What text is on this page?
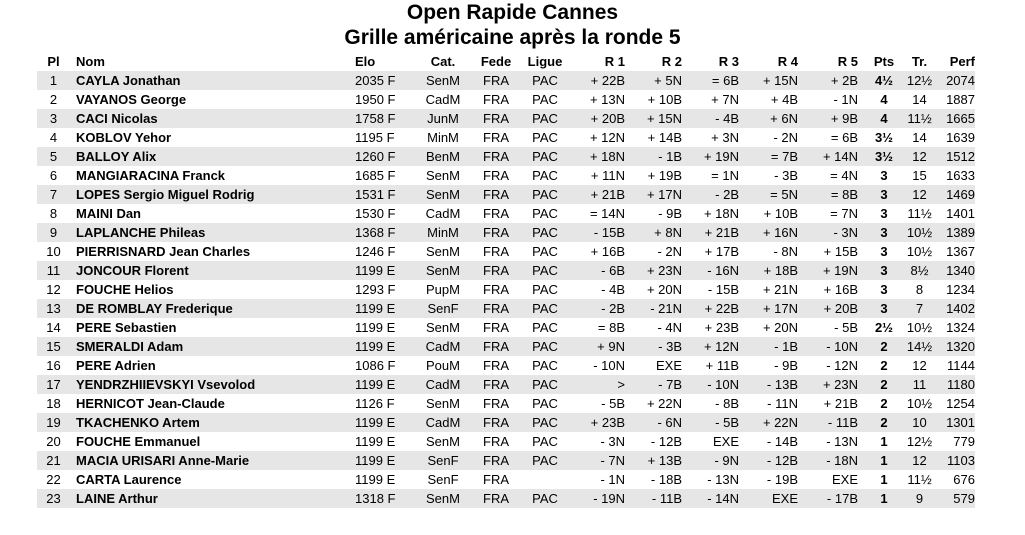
Open Rapide Cannes
Grille américaine après la ronde 5
Pl	Nom	Elo	Cat.	Fede	Ligue	R 1	R 2	R 3	R 4	R 5	Pts	Tr.	Perf
1	CAYLA Jonathan	2035 F	SenM	FRA	PAC	+ 22B	+ 5N	= 6B	+ 15N	+ 2B	4½	12½	2074
2	VAYANOS George	1950 F	CadM	FRA	PAC	+ 13N	+ 10B	+ 7N	+ 4B	- 1N	4	14	1887
3	CACI Nicolas	1758 F	JunM	FRA	PAC	+ 20B	+ 15N	- 4B	+ 6N	+ 9B	4	11½	1665
4	KOBLOV Yehor	1195 F	MinM	FRA	PAC	+ 12N	+ 14B	+ 3N	- 2N	= 6B	3½	14	1639
5	BALLOY Alix	1260 F	BenM	FRA	PAC	+ 18N	- 1B	+ 19N	= 7B	+ 14N	3½	12	1512
6	MANGIARACINA Franck	1685 F	SenM	FRA	PAC	+ 11N	+ 19B	= 1N	- 3B	= 4N	3	15	1633
7	LOPES Sergio Miguel Rodrig	1531 F	SenM	FRA	PAC	+ 21B	+ 17N	- 2B	= 5N	= 8B	3	12	1469
8	MAINI Dan	1530 F	CadM	FRA	PAC	= 14N	- 9B	+ 18N	+ 10B	= 7N	3	11½	1401
9	LAPLANCHE Phileas	1368 F	MinM	FRA	PAC	- 15B	+ 8N	+ 21B	+ 16N	- 3N	3	10½	1389
10	PIERRISNARD Jean Charles	1246 F	SenM	FRA	PAC	+ 16B	- 2N	+ 17B	- 8N	+ 15B	3	10½	1367
11	JONCOUR Florent	1199 E	SenM	FRA	PAC	- 6B	+ 23N	- 16N	+ 18B	+ 19N	3	8½	1340
12	FOUCHE Helios	1293 F	PupM	FRA	PAC	- 4B	+ 20N	- 15B	+ 21N	+ 16B	3	8	1234
13	DE ROMBLAY Frederique	1199 E	SenF	FRA	PAC	- 2B	- 21N	+ 22B	+ 17N	+ 20B	3	7	1402
14	PERE Sebastien	1199 E	SenM	FRA	PAC	= 8B	- 4N	+ 23B	+ 20N	- 5B	2½	10½	1324
15	SMERALDI Adam	1199 E	CadM	FRA	PAC	+ 9N	- 3B	+ 12N	- 1B	- 10N	2	14½	1320
16	PERE Adrien	1086 F	PouM	FRA	PAC	- 10N	EXE	+ 11B	- 9B	- 12N	2	12	1144
17	YENDRZHIIEVSKYI Vsevolod	1199 E	CadM	FRA	PAC	>	- 7B	- 10N	- 13B	+ 23N	2	11	1180
18	HERNICOT Jean-Claude	1126 F	SenM	FRA	PAC	- 5B	+ 22N	- 8B	- 11N	+ 21B	2	10½	1254
19	TKACHENKO Artem	1199 E	CadM	FRA	PAC	+ 23B	- 6N	- 5B	+ 22N	- 11B	2	10	1301
20	FOUCHE Emmanuel	1199 E	SenM	FRA	PAC	- 3N	- 12B	EXE	- 14B	- 13N	1	12½	779
21	MACIA URISARI Anne-Marie	1199 E	SenF	FRA	PAC	- 7N	+ 13B	- 9N	- 12B	- 18N	1	12	1103
22	CARTA Laurence	1199 E	SenF	FRA		- 1N	- 18B	- 13N	- 19B	EXE	1	11½	676
23	LAINE Arthur	1318 F	SenM	FRA	PAC	- 19N	- 11B	- 14N	EXE	- 17B	1	9	579
